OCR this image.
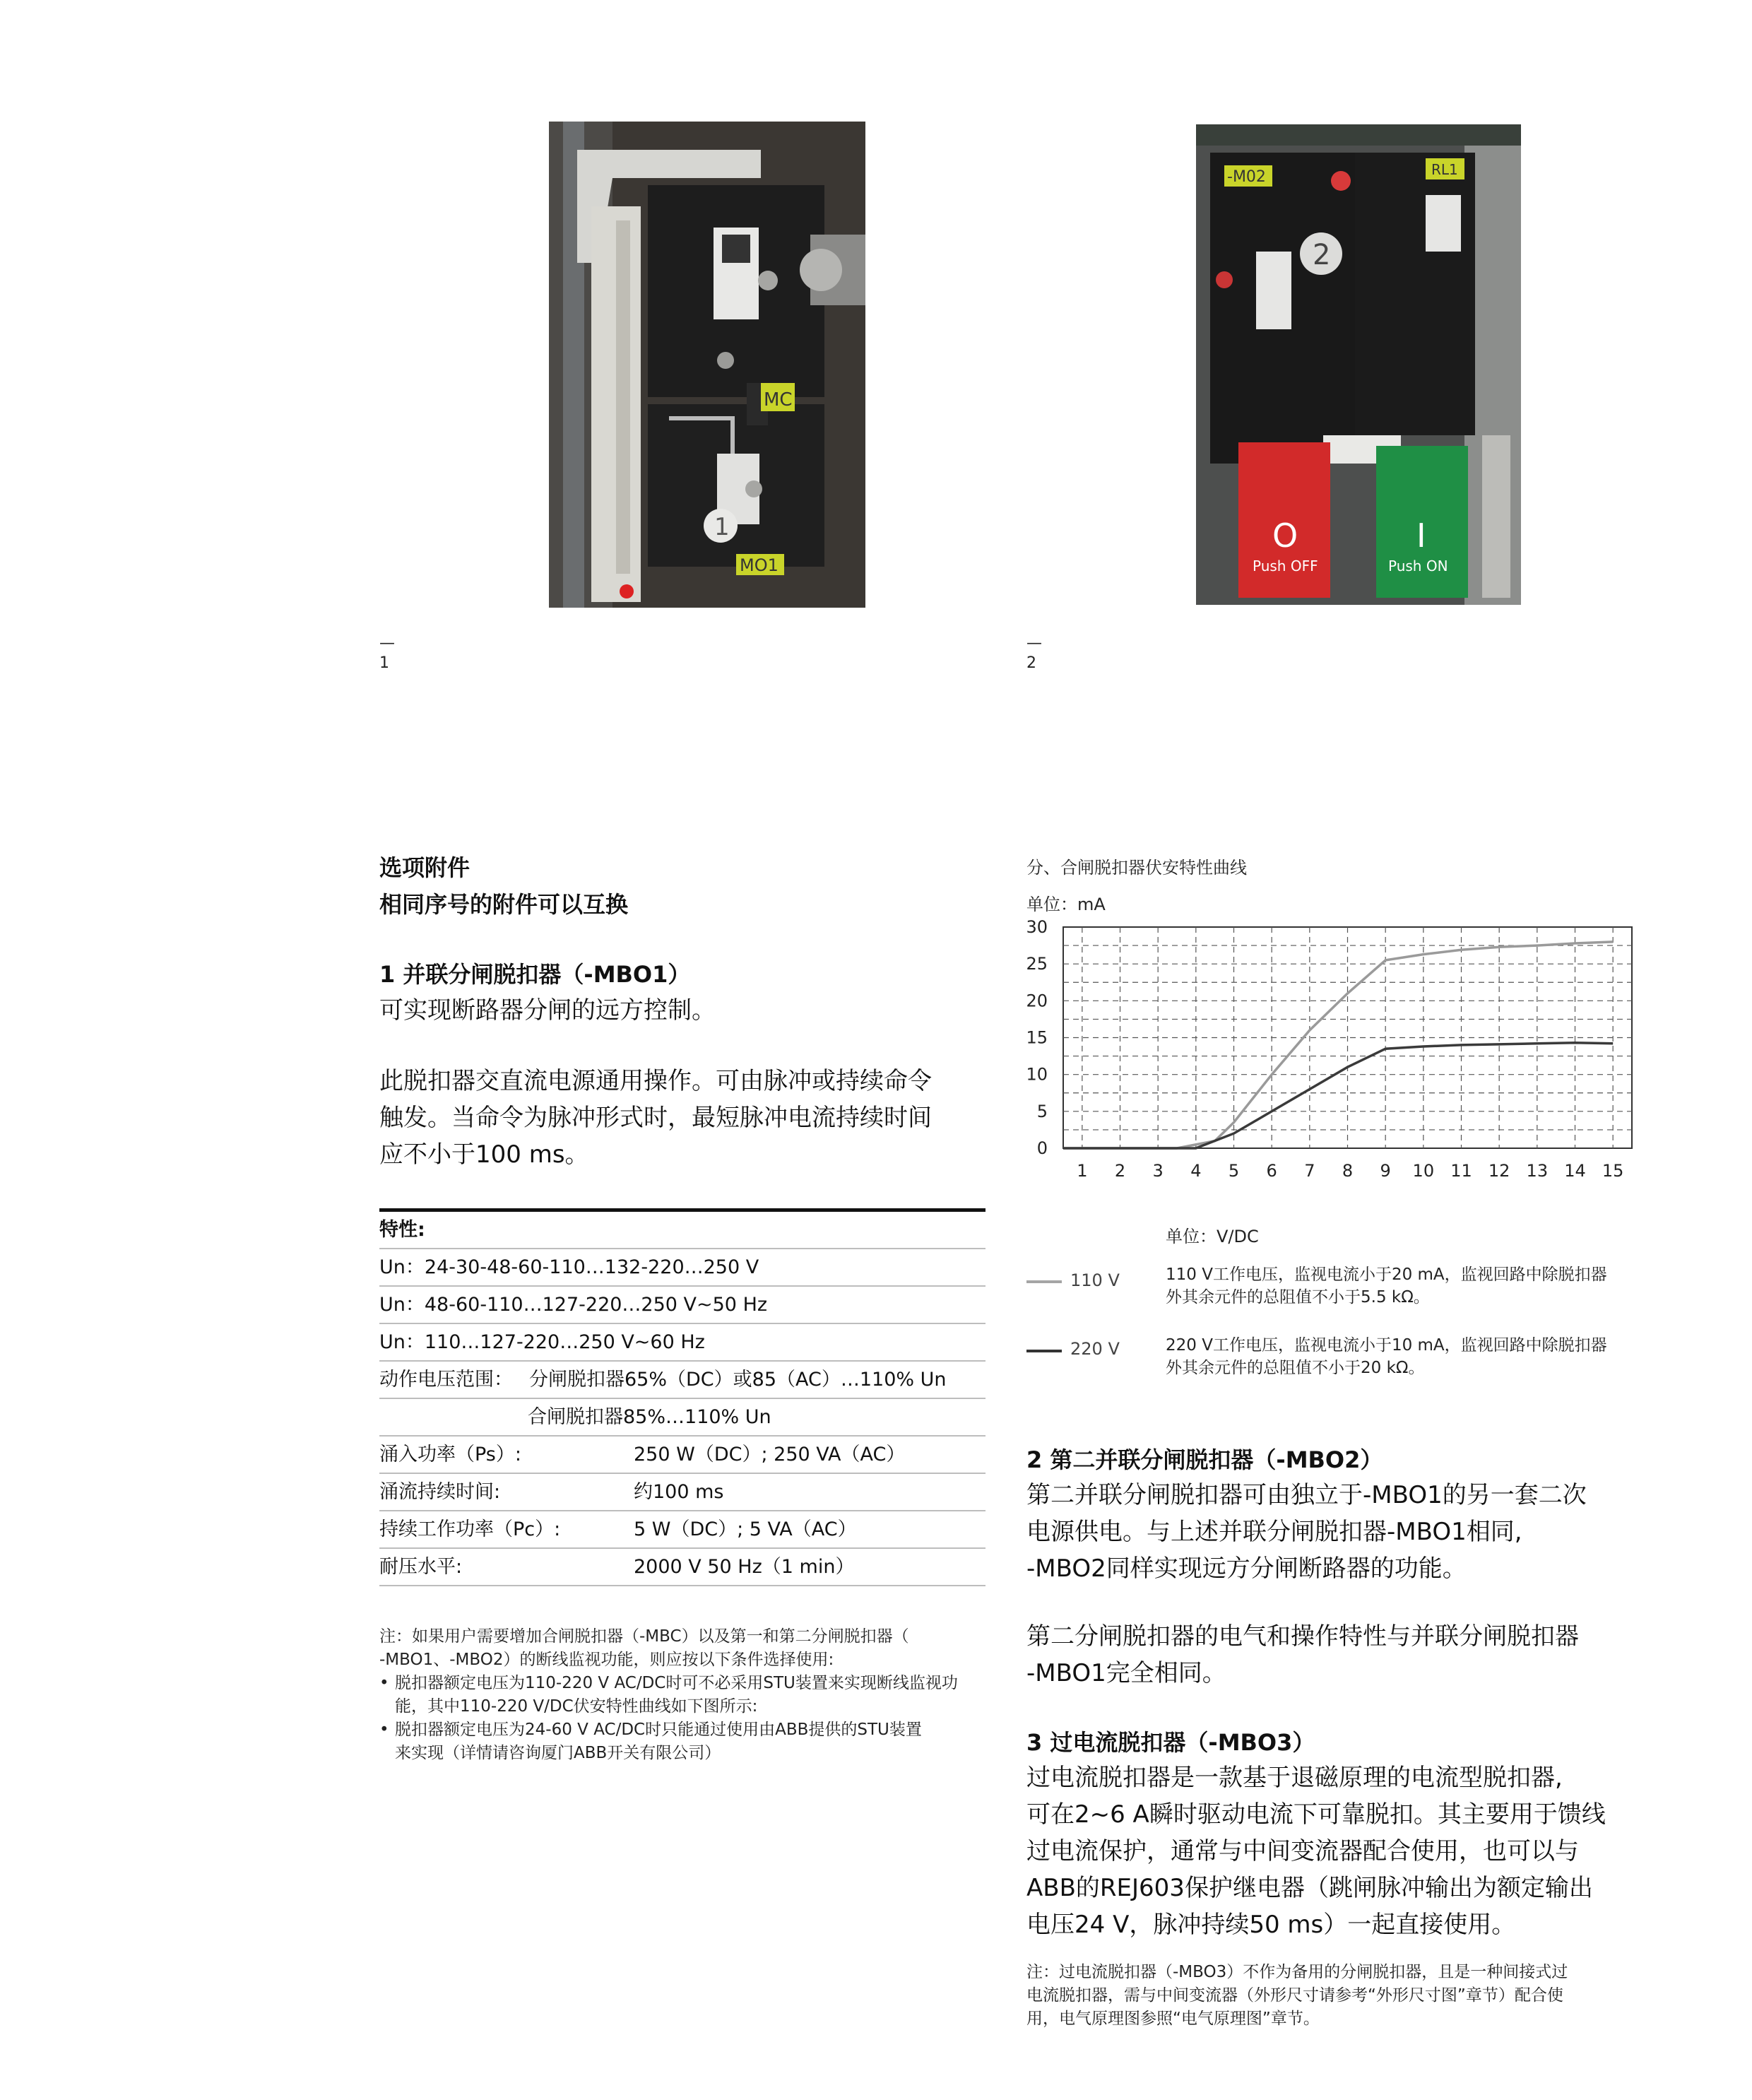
MC
MO1
1
—
1
-M02	RL1
2
O
Push OFF
I
Push ON
—
2
选项附件
相同序号的附件可以互换
1 并联分闸脱扣器（-MBO1）
可实现断路器分闸的远方控制。
此脱扣器交直流电源通用操作。可由脉冲或持续命令
触发。当命令为脉冲形式时，最短脉冲电流持续时间
应不小于100 ms。
特性:
Un：24-30-48-60-110…132-220…250 V
Un：48-60-110…127-220…250 V~50 Hz
Un：110…127-220…250 V~60 Hz
动作电压范围： 分闸脱扣器65%（DC）或85（AC）…110% Un
合闸脱扣器85%…110% Un
涌入功率（Ps）:	250 W（DC）; 250 VA（AC）
涌流持续时间:	约100 ms
持续工作功率（Pc）:	5 W（DC）; 5 VA（AC）
耐压水平:	2000 V 50 Hz（1 min）
注：如果用户需要增加合闸脱扣器（-MBC）以及第一和第二分闸脱扣器（
-MBO1、-MBO2）的断线监视功能，则应按以下条件选择使用:
• 脱扣器额定电压为110-220 V AC/DC时可不必采用STU装置来实现断线监视功
能，其中110-220 V/DC伏安特性曲线如下图所示:
• 脱扣器额定电压为24-60 V AC/DC时只能通过使用由ABB提供的STU装置
来实现（详情请咨询厦门ABB开关有限公司）
分、合闸脱扣器伏安特性曲线
单位：mA
0
5
10
15
20
25
30
1 2 3 4 5 6 7 8 9 10 11 12 13 14 15
单位：V/DC
110 V	110 V工作电压，监视电流小于20 mA，监视回路中除脱扣器
外其余元件的总阻值不小于5.5 kΩ。
220 V	220 V工作电压，监视电流小于10 mA，监视回路中除脱扣器
外其余元件的总阻值不小于20 kΩ。
2 第二并联分闸脱扣器（-MBO2）
第二并联分闸脱扣器可由独立于-MBO1的另一套二次
电源供电。与上述并联分闸脱扣器-MBO1相同,
-MBO2同样实现远方分闸断路器的功能。
第二分闸脱扣器的电气和操作特性与并联分闸脱扣器
-MBO1完全相同。
3 过电流脱扣器（-MBO3）
过电流脱扣器是一款基于退磁原理的电流型脱扣器,
可在2~6 A瞬时驱动电流下可靠脱扣。其主要用于馈线
过电流保护，通常与中间变流器配合使用，也可以与
ABB的REJ603保护继电器（跳闸脉冲输出为额定输出
电压24 V，脉冲持续50 ms）一起直接使用。
注：过电流脱扣器（-MBO3）不作为备用的分闸脱扣器，且是一种间接式过
电流脱扣器，需与中间变流器（外形尺寸请参考“外形尺寸图”章节）配合使
用，电气原理图参照“电气原理图”章节。
